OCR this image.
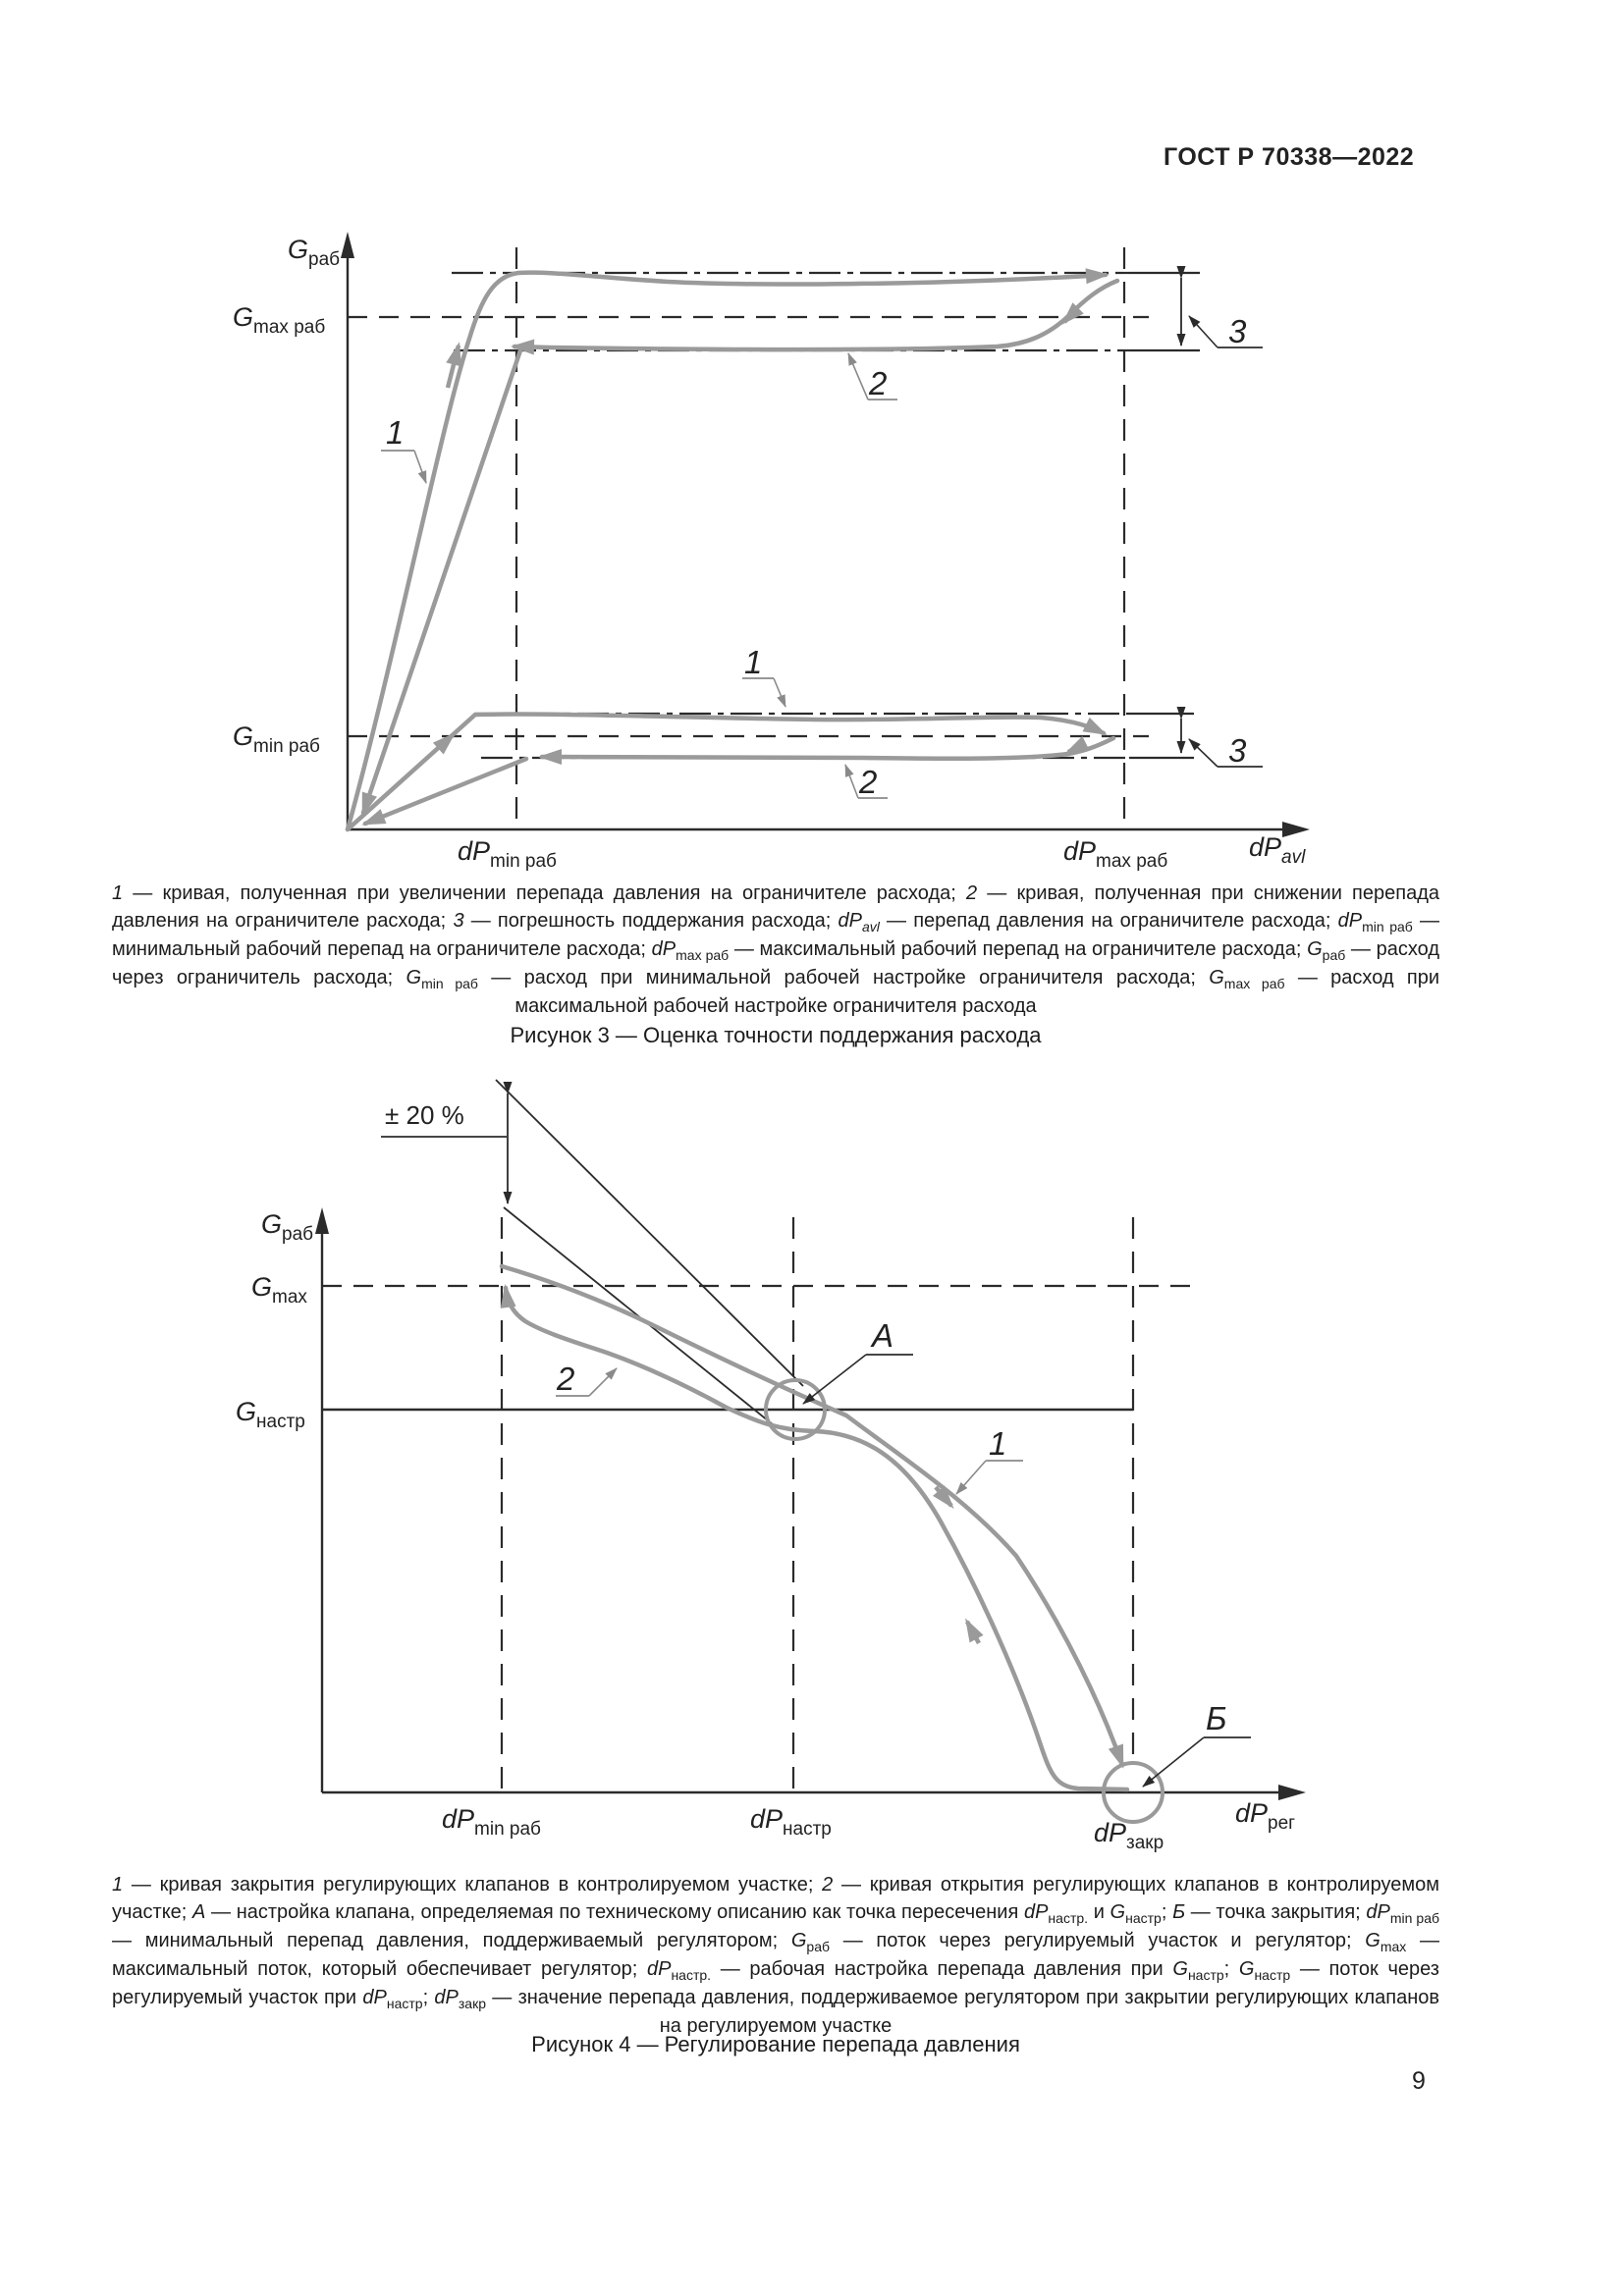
ГОСТ Р 70338—2022
$G_{раб}$
$dP_{avl}$
$G_{max раб}$
$G_{min раб}$
$dP_{min раб}$	$dP_{max раб}$
1
2
1
2
3
3
1 — кривая, полученная при увеличении перепада давления на ограничителе расхода; 2 — кривая, полученная при снижении перепада давления на ограничителе расхода; 3 — погрешность поддержания расхода; $dP_{avl}$ — перепад давления на ограничителе расхода; $dP_{min раб}$ — минимальный рабочий перепад на ограничителе расхода; $dP_{max раб}$ — максимальный рабочий перепад на ограничителе расхода; $G_{раб}$ — расход через ограничитель расхода; $G_{min раб}$ — расход при минимальной рабочей настройке ограничителя расхода; $G_{max раб}$ — расход при максимальной рабочей настройке ограничителя расхода
Рисунок 3 — Оценка точности поддержания расхода
± 20 %
$G_{раб}$
$dP_{рег}$
$G_{max}$
$G_{настр}$
$dP_{min раб}$	$dP_{настр}$	$dP_{закр}$
А
Б
1
2
1 — кривая закрытия регулирующих клапанов в контролируемом участке; 2 — кривая открытия регулирующих клапанов в контролируемом участке; А — настройка клапана, определяемая по техническому описанию как точка пересечения $dP_{настр.}$ и $G_{настр}$; Б — точка закрытия; $dP_{min раб}$ — минимальный перепад давления, поддерживаемый регулятором; $G_{раб}$ — поток через регулируемый участок и регулятор; $G_{max}$ — максимальный поток, который обеспечивает регулятор; $dP_{настр.}$ — рабочая настройка перепада давления при $G_{настр}$; $G_{настр}$ — поток через регулируемый участок при $dP_{настр}$; $dP_{закр}$ — значение перепада давления, поддерживаемое регулятором при закрытии регулирующих клапанов на регулируемом участке
Рисунок 4 — Регулирование перепада давления
9
